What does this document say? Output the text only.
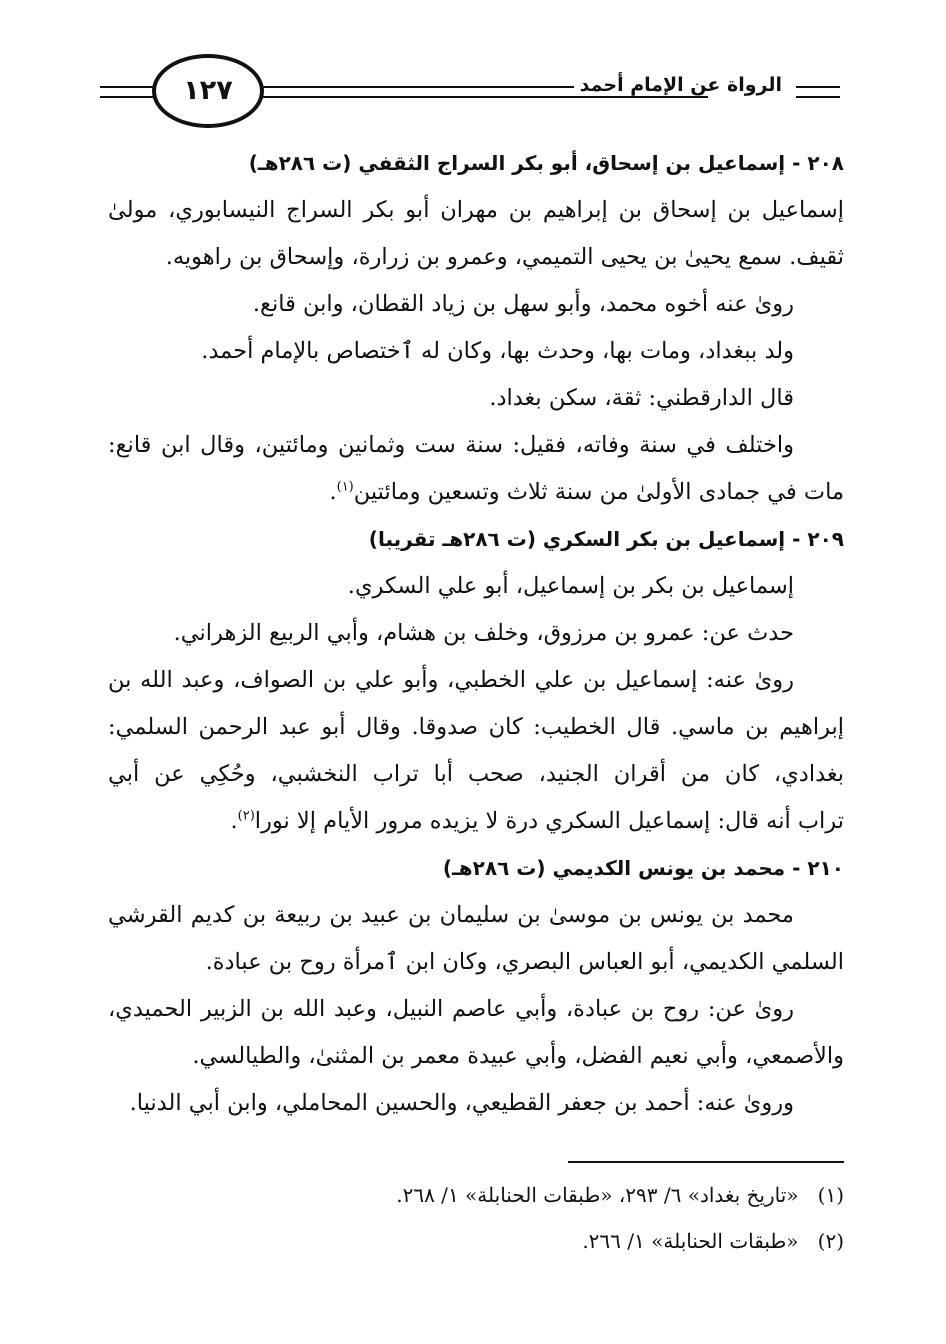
١٢٧	الرواة عن الإمام أحمد
٢٠٨ - إسماعيل بن إسحاق، أبو بكر السراج الثقفي (ت ٢٨٦هـ)
إسماعيل بن إسحاق بن إبراهيم بن مهران أبو بكر السراج النيسابوري، مولىٰ
ثقيف. سمع يحيىٰ بن يحيى التميمي، وعمرو بن زرارة، وإسحاق بن راهويه.
رویٰ عنه أخوه محمد، وأبو سهل بن زياد القطان، وابن قانع.
ولد ببغداد، ومات بها، وحدث بها، وكان له ٱختصاص بالإمام أحمد.
قال الدارقطني: ثقة، سكن بغداد.
واختلف في سنة وفاته، فقيل: سنة ست وثمانين ومائتين، وقال ابن قانع:
مات في جمادى الأولىٰ من سنة ثلاث وتسعين ومائتين$^{(١)}$.
٢٠٩ - إسماعيل بن بكر السكري (ت ٢٨٦هـ تقريبا)
إسماعيل بن بكر بن إسماعيل، أبو علي السكري.
حدث عن: عمرو بن مرزوق، وخلف بن هشام، وأبي الربيع الزهراني.
رویٰ عنه: إسماعيل بن علي الخطبي، وأبو علي بن الصواف، وعبد الله بن
إبراهيم بن ماسي. قال الخطيب: كان صدوقا. وقال أبو عبد الرحمن السلمي:
بغدادي، كان من أقران الجنيد، صحب أبا تراب النخشبي، وحُكِي عن أبي
تراب أنه قال: إسماعيل السكري درة لا يزيده مرور الأيام إلا نورا$^{(٢)}$.
٢١٠ - محمد بن يونس الكديمي (ت ٢٨٦هـ)
محمد بن يونس بن موسىٰ بن سليمان بن عبيد بن ربيعة بن كديم القرشي
السلمي الكديمي، أبو العباس البصري، وكان ابن ٱمرأة روح بن عبادة.
رویٰ عن: روح بن عبادة، وأبي عاصم النبيل، وعبد الله بن الزبير الحميدي،
والأصمعي، وأبي نعيم الفضل، وأبي عبيدة معمر بن المثنىٰ، والطيالسي.
وروىٰ عنه: أحمد بن جعفر القطيعي، والحسين المحاملي، وابن أبي الدنيا.
(١)   «تاريخ بغداد» ٦/ ٢٩٣، «طبقات الحنابلة» ١/ ٢٦٨.
(٢)   «طبقات الحنابلة» ١/ ٢٦٦.
